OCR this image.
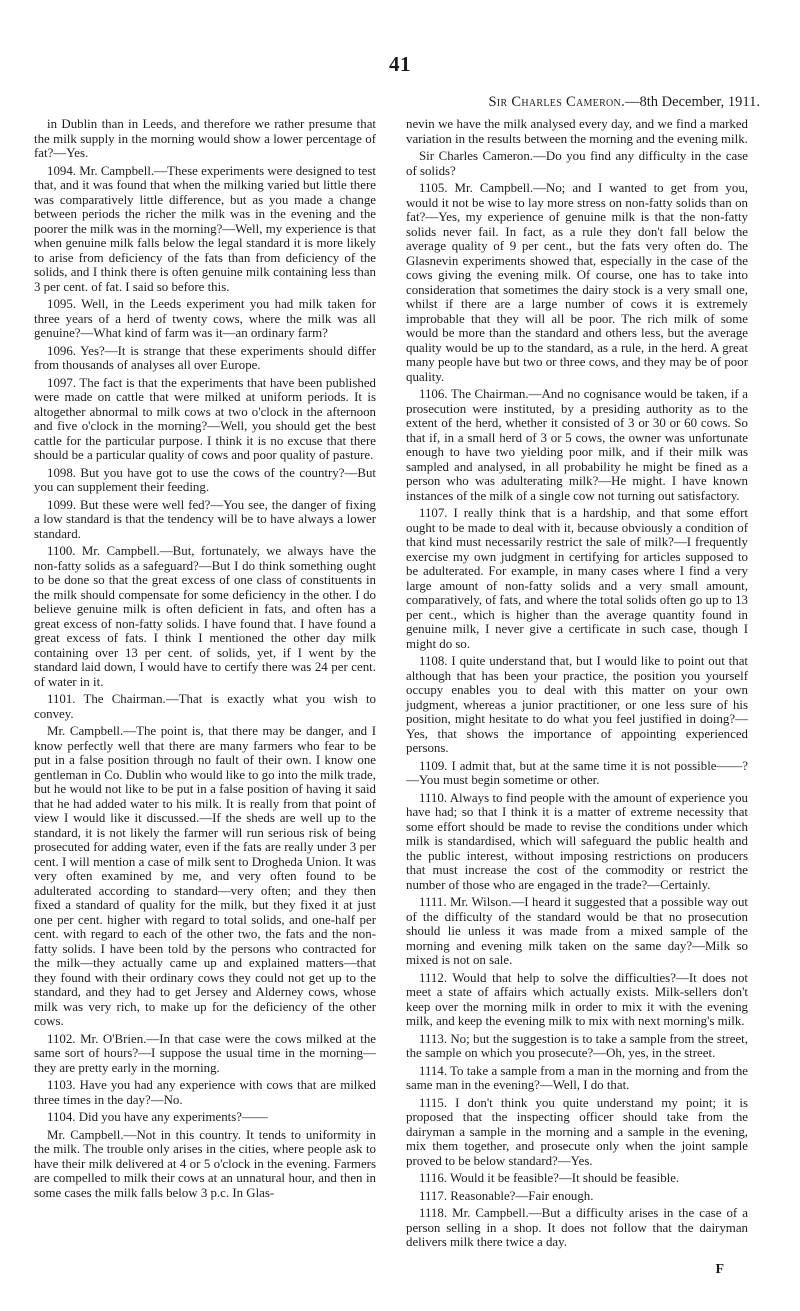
41
Sir Charles Cameron.—8th December, 1911.

in Dublin than in Leeds, and therefore we rather presume that the milk supply in the morning would show a lower percentage of fat?—Yes.

1094. Mr. Campbell.—These experiments were designed to test that, and it was found that when the milking varied but little there was comparatively little difference, but as you made a change between periods the richer the milk was in the evening and the poorer the milk was in the morning?—Well, my experience is that when genuine milk falls below the legal standard it is more likely to arise from deficiency of the fats than from deficiency of the solids, and I think there is often genuine milk containing less than 3 per cent. of fat. I said so before this.

1095. Well, in the Leeds experiment you had milk taken for three years of a herd of twenty cows, where the milk was all genuine?—What kind of farm was it—an ordinary farm?

1096. Yes?—It is strange that these experiments should differ from thousands of analyses all over Europe.

1097. The fact is that the experiments that have been published were made on cattle that were milked at uniform periods. It is altogether abnormal to milk cows at two o'clock in the afternoon and five o'clock in the morning?—Well, you should get the best cattle for the particular purpose. I think it is no excuse that there should be a particular quality of cows and poor quality of pasture.

1098. But you have got to use the cows of the country?—But you can supplement their feeding.

1099. But these were well fed?—You see, the danger of fixing a low standard is that the tendency will be to have always a lower standard.

1100. Mr. Campbell.—But, fortunately, we always have the non-fatty solids as a safeguard?—But I do think something ought to be done so that the great excess of one class of constituents in the milk should compensate for some deficiency in the other. I do believe genuine milk is often deficient in fats, and often has a great excess of non-fatty solids. I have found that. I have found a great excess of fats. I think I mentioned the other day milk containing over 13 per cent. of solids, yet, if I went by the standard laid down, I would have to certify there was 24 per cent. of water in it.

1101. The Chairman.—That is exactly what you wish to convey.

Mr. Campbell.—The point is, that there may be danger, and I know perfectly well that there are many farmers who fear to be put in a false position through no fault of their own. I know one gentleman in Co. Dublin who would like to go into the milk trade, but he would not like to be put in a false position of having it said that he had added water to his milk. It is really from that point of view I would like it discussed.—If the sheds are well up to the standard, it is not likely the farmer will run serious risk of being prosecuted for adding water, even if the fats are really under 3 per cent. I will mention a case of milk sent to Drogheda Union. It was very often examined by me, and very often found to be adulterated according to standard—very often; and they then fixed a standard of quality for the milk, but they fixed it at just one per cent. higher with regard to total solids, and one-half per cent. with regard to each of the other two, the fats and the non-fatty solids. I have been told by the persons who contracted for the milk—they actually came up and explained matters—that they found with their ordinary cows they could not get up to the standard, and they had to get Jersey and Alderney cows, whose milk was very rich, to make up for the deficiency of the other cows.

1102. Mr. O'Brien.—In that case were the cows milked at the same sort of hours?—I suppose the usual time in the morning—they are pretty early in the morning.

1103. Have you had any experience with cows that are milked three times in the day?—No.

1104. Did you have any experiments?——

Mr. Campbell.—Not in this country. It tends to uniformity in the milk. The trouble only arises in the cities, where people ask to have their milk delivered at 4 or 5 o'clock in the evening. Farmers are compelled to milk their cows at an unnatural hour, and then in some cases the milk falls below 3 p.c. In Glas-

nevin we have the milk analysed every day, and we find a marked variation in the results between the morning and the evening milk.

Sir Charles Cameron.—Do you find any difficulty in the case of solids?

1105. Mr. Campbell.—No; and I wanted to get from you, would it not be wise to lay more stress on non-fatty solids than on fat?—Yes, my experience of genuine milk is that the non-fatty solids never fail. In fact, as a rule they don't fall below the average quality of 9 per cent., but the fats very often do. The Glasnevin experiments showed that, especially in the case of the cows giving the evening milk. Of course, one has to take into consideration that sometimes the dairy stock is a very small one, whilst if there are a large number of cows it is extremely improbable that they will all be poor. The rich milk of some would be more than the standard and others less, but the average quality would be up to the standard, as a rule, in the herd. A great many people have but two or three cows, and they may be of poor quality.

1106. The Chairman.—And no cognisance would be taken, if a prosecution were instituted, by a presiding authority as to the extent of the herd, whether it consisted of 3 or 30 or 60 cows. So that if, in a small herd of 3 or 5 cows, the owner was unfortunate enough to have two yielding poor milk, and if their milk was sampled and analysed, in all probability he might be fined as a person who was adulterating milk?—He might. I have known instances of the milk of a single cow not turning out satisfactory.

1107. I really think that is a hardship, and that some effort ought to be made to deal with it, because obviously a condition of that kind must necessarily restrict the sale of milk?—I frequently exercise my own judgment in certifying for articles supposed to be adulterated. For example, in many cases where I find a very large amount of non-fatty solids and a very small amount, comparatively, of fats, and where the total solids often go up to 13 per cent., which is higher than the average quantity found in genuine milk, I never give a certificate in such case, though I might do so.

1108. I quite understand that, but I would like to point out that although that has been your practice, the position you yourself occupy enables you to deal with this matter on your own judgment, whereas a junior practitioner, or one less sure of his position, might hesitate to do what you feel justified in doing?—Yes, that shows the importance of appointing experienced persons.

1109. I admit that, but at the same time it is not possible——?—You must begin sometime or other.

1110. Always to find people with the amount of experience you have had; so that I think it is a matter of extreme necessity that some effort should be made to revise the conditions under which milk is standardised, which will safeguard the public health and the public interest, without imposing restrictions on producers that must increase the cost of the commodity or restrict the number of those who are engaged in the trade?—Certainly.

1111. Mr. Wilson.—I heard it suggested that a possible way out of the difficulty of the standard would be that no prosecution should lie unless it was made from a mixed sample of the morning and evening milk taken on the same day?—Milk so mixed is not on sale.

1112. Would that help to solve the difficulties?—It does not meet a state of affairs which actually exists. Milk-sellers don't keep over the morning milk in order to mix it with the evening milk, and keep the evening milk to mix with next morning's milk.

1113. No; but the suggestion is to take a sample from the street, the sample on which you prosecute?—Oh, yes, in the street.

1114. To take a sample from a man in the morning and from the same man in the evening?—Well, I do that.

1115. I don't think you quite understand my point; it is proposed that the inspecting officer should take from the dairyman a sample in the morning and a sample in the evening, mix them together, and prosecute only when the joint sample proved to be below standard?—Yes.

1116. Would it be feasible?—It should be feasible.

1117. Reasonable?—Fair enough.

1118. Mr. Campbell.—But a difficulty arises in the case of a person selling in a shop. It does not follow that the dairyman delivers milk there twice a day.

F
